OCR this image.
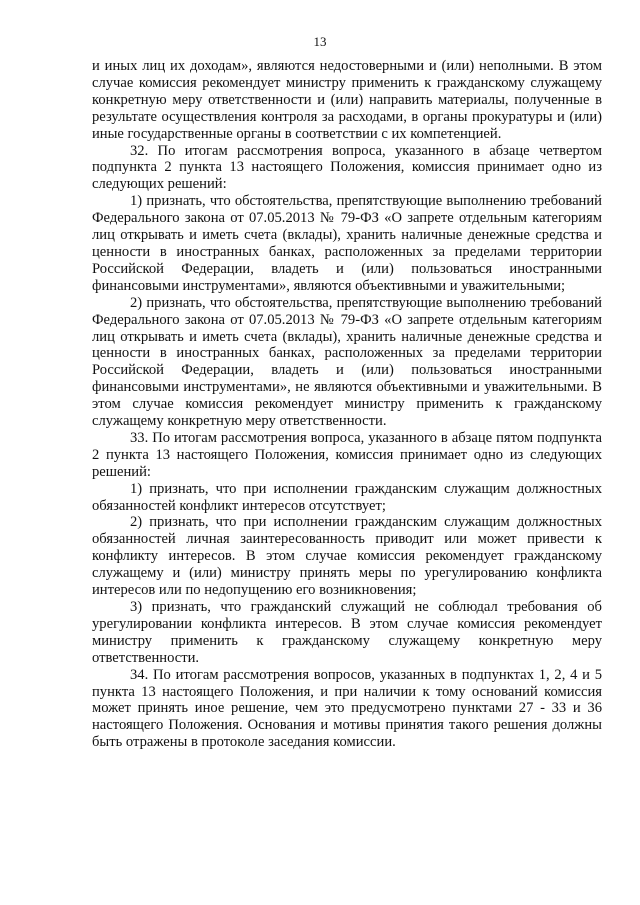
13

и иных лиц их доходам», являются недостоверными и (или) неполными. В этом случае комиссия рекомендует министру применить к гражданскому служащему конкретную меру ответственности и (или) направить материалы, полученные в результате осуществления контроля за расходами, в органы прокуратуры и (или) иные государственные органы в соответствии с их компетенцией.

32. По итогам рассмотрения вопроса, указанного в абзаце четвертом подпункта 2 пункта 13 настоящего Положения, комиссия принимает одно из следующих решений:

1) признать, что обстоятельства, препятствующие выполнению требований Федерального закона от 07.05.2013 № 79-ФЗ «О запрете отдельным категориям лиц открывать и иметь счета (вклады), хранить наличные денежные средства и ценности в иностранных банках, расположенных за пределами территории Российской Федерации, владеть и (или) пользоваться иностранными финансовыми инструментами», являются объективными и уважительными;

2) признать, что обстоятельства, препятствующие выполнению требований Федерального закона от 07.05.2013 № 79-ФЗ «О запрете отдельным категориям лиц открывать и иметь счета (вклады), хранить наличные денежные средства и ценности в иностранных банках, расположенных за пределами территории Российской Федерации, владеть и (или) пользоваться иностранными финансовыми инструментами», не являются объективными и уважительными. В этом случае комиссия рекомендует министру применить к гражданскому служащему конкретную меру ответственности.

33. По итогам рассмотрения вопроса, указанного в абзаце пятом подпункта 2 пункта 13 настоящего Положения, комиссия принимает одно из следующих решений:

1) признать, что при исполнении гражданским служащим должностных обязанностей конфликт интересов отсутствует;

2) признать, что при исполнении гражданским служащим должностных обязанностей личная заинтересованность приводит или может привести к конфликту интересов. В этом случае комиссия рекомендует гражданскому служащему и (или) министру принять меры по урегулированию конфликта интересов или по недопущению его возникновения;

3) признать, что гражданский служащий не соблюдал требования об урегулировании конфликта интересов. В этом случае комиссия рекомендует министру применить к гражданскому служащему конкретную меру ответственности.

34. По итогам рассмотрения вопросов, указанных в подпунктах 1, 2, 4 и 5 пункта 13 настоящего Положения, и при наличии к тому оснований комиссия может принять иное решение, чем это предусмотрено пунктами 27 - 33 и 36 настоящего Положения. Основания и мотивы принятия такого решения должны быть отражены в протоколе заседания комиссии.
